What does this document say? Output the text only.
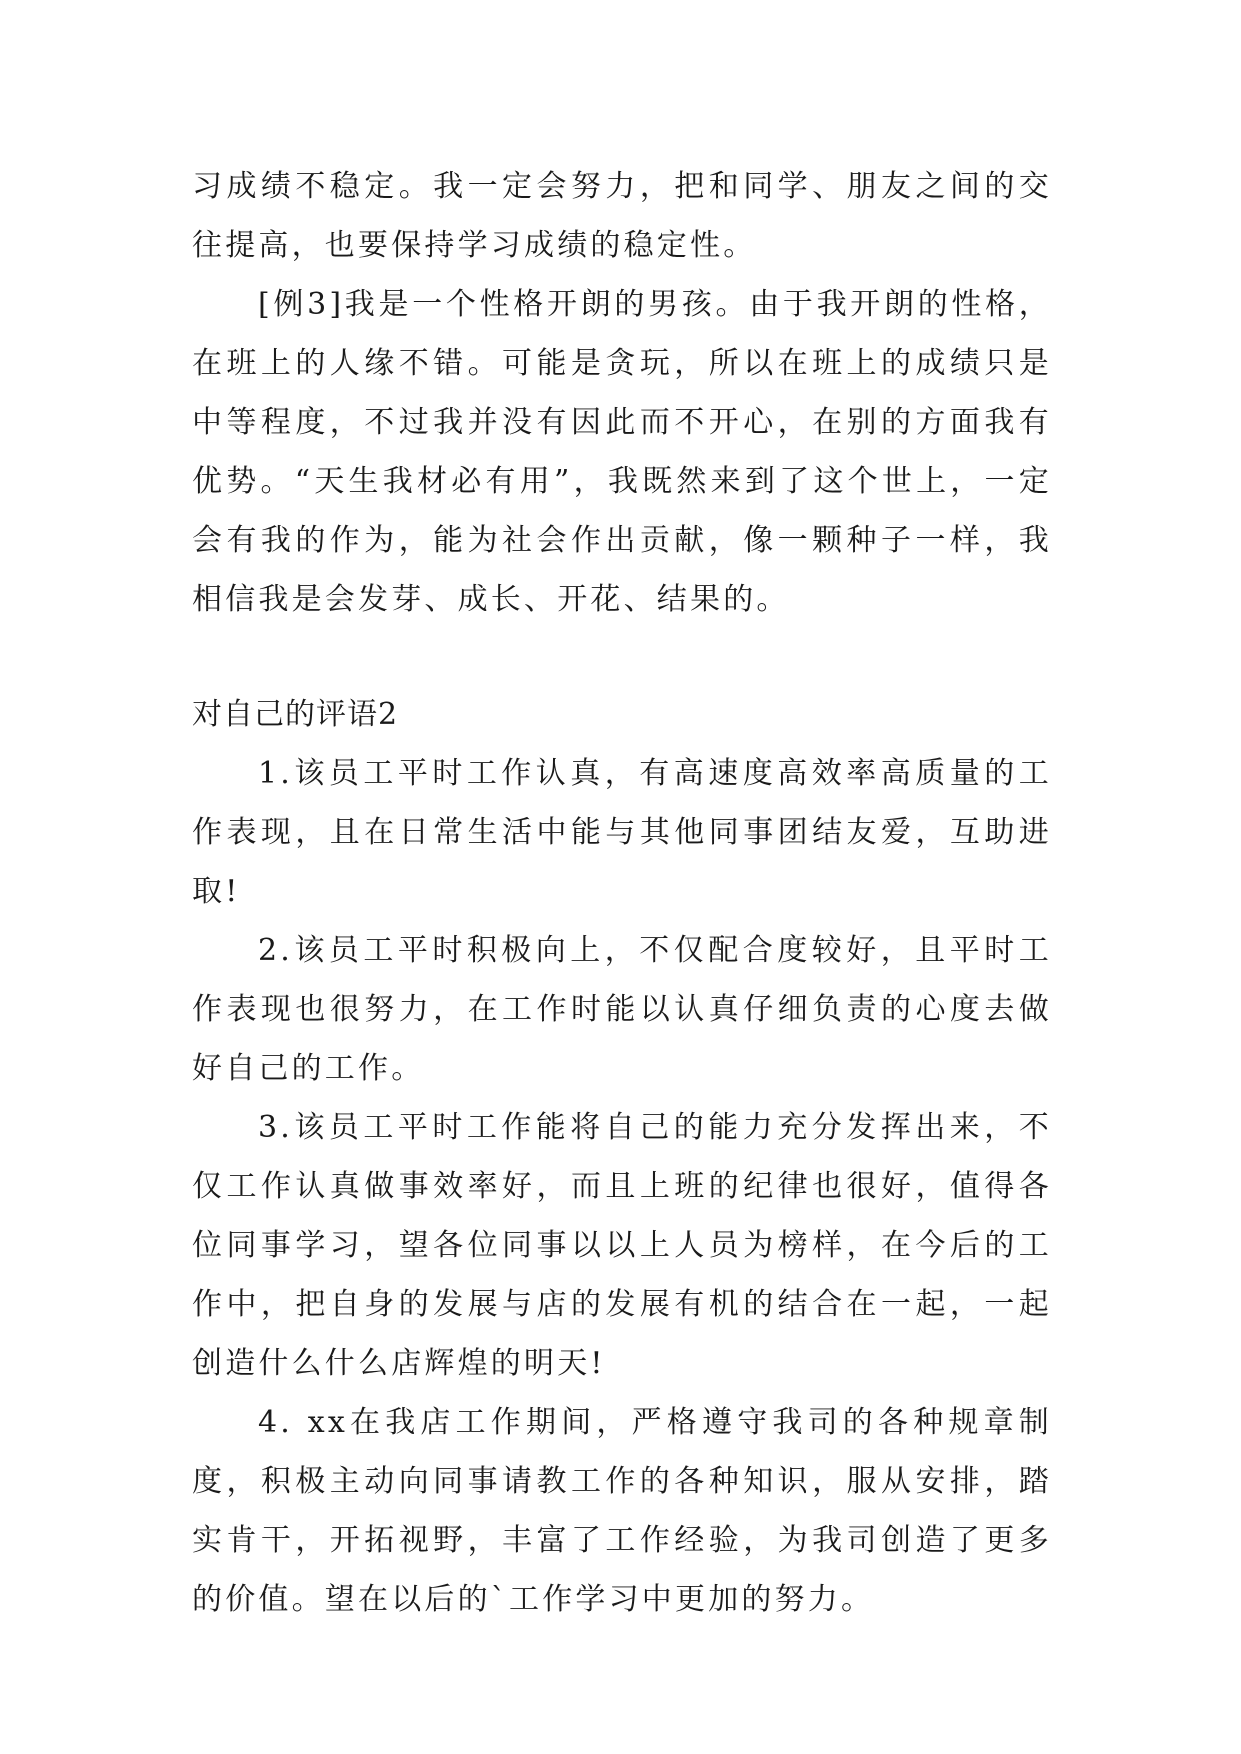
习成绩不稳定。我一定会努力，把和同学、朋友之间的交往提高，也要保持学习成绩的稳定性。

[例3]我是一个性格开朗的男孩。由于我开朗的性格，在班上的人缘不错。可能是贪玩，所以在班上的成绩只是中等程度，不过我并没有因此而不开心，在别的方面我有优势。“天生我材必有用”，我既然来到了这个世上，一定会有我的作为，能为社会作出贡献，像一颗种子一样，我相信我是会发芽、成长、开花、结果的。

对自己的评语2

1.该员工平时工作认真，有高速度高效率高质量的工作表现，且在日常生活中能与其他同事团结友爱，互助进取!

2.该员工平时积极向上，不仅配合度较好，且平时工作表现也很努力，在工作时能以认真仔细负责的心度去做好自己的工作。

3.该员工平时工作能将自己的能力充分发挥出来，不仅工作认真做事效率好，而且上班的纪律也很好，值得各位同事学习，望各位同事以以上人员为榜样，在今后的工作中，把自身的发展与店的发展有机的结合在一起，一起创造什么什么店辉煌的明天!

4. xx在我店工作期间，严格遵守我司的各种规章制度，积极主动向同事请教工作的各种知识，服从安排，踏实肯干，开拓视野，丰富了工作经验，为我司创造了更多的价值。望在以后的`工作学习中更加的努力。
